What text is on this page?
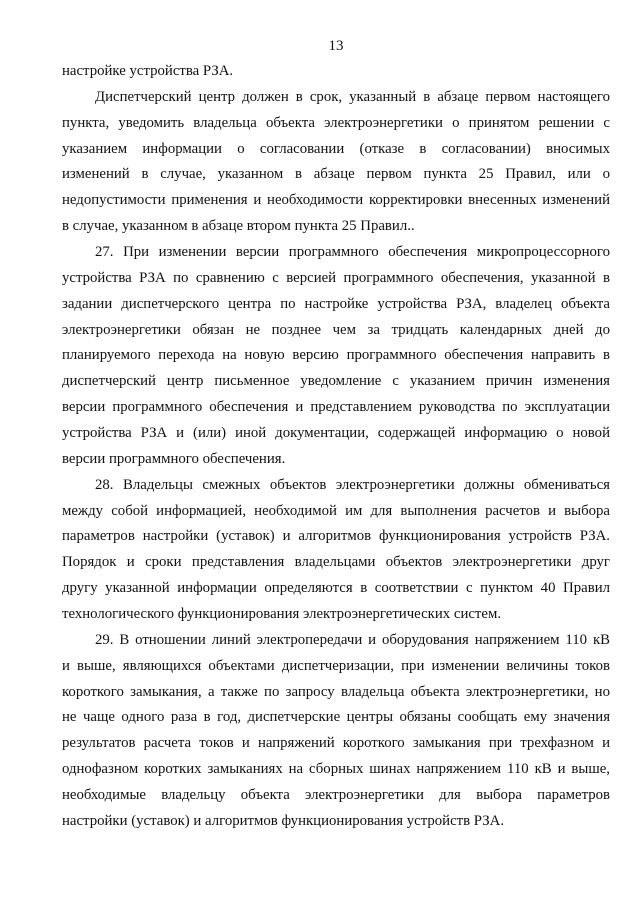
13
настройке устройства РЗА.
Диспетчерский центр должен в срок, указанный в абзаце первом настоящего
пункта, уведомить владельца объекта электроэнергетики о принятом решении с
указанием информации о согласовании (отказе в согласовании) вносимых
изменений в случае, указанном в абзаце первом пункта 25 Правил, или о
недопустимости применения и необходимости корректировки внесенных изменений
в случае, указанном в абзаце втором пункта 25 Правил..
27. При изменении версии программного обеспечения микропроцессорного
устройства РЗА по сравнению с версией программного обеспечения, указанной в
задании диспетчерского центра по настройке устройства РЗА, владелец объекта
электроэнергетики обязан не позднее чем за тридцать календарных дней до
планируемого перехода на новую версию программного обеспечения направить в
диспетчерский центр письменное уведомление с указанием причин изменения
версии программного обеспечения и представлением руководства по эксплуатации
устройства РЗА и (или) иной документации, содержащей информацию о новой
версии программного обеспечения.
28. Владельцы смежных объектов электроэнергетики должны обмениваться
между собой информацией, необходимой им для выполнения расчетов и выбора
параметров настройки (уставок) и алгоритмов функционирования устройств РЗА.
Порядок и сроки представления владельцами объектов электроэнергетики друг
другу указанной информации определяются в соответствии с пунктом 40 Правил
технологического функционирования электроэнергетических систем.
29. В отношении линий электропередачи и оборудования напряжением 110 кВ
и выше, являющихся объектами диспетчеризации, при изменении величины токов
короткого замыкания, а также по запросу владельца объекта электроэнергетики, но
не чаще одного раза в год, диспетчерские центры обязаны сообщать ему значения
результатов расчета токов и напряжений короткого замыкания при трехфазном и
однофазном коротких замыканиях на сборных шинах напряжением 110 кВ и выше,
необходимые владельцу объекта электроэнергетики для выбора параметров
настройки (уставок) и алгоритмов функционирования устройств РЗА.
